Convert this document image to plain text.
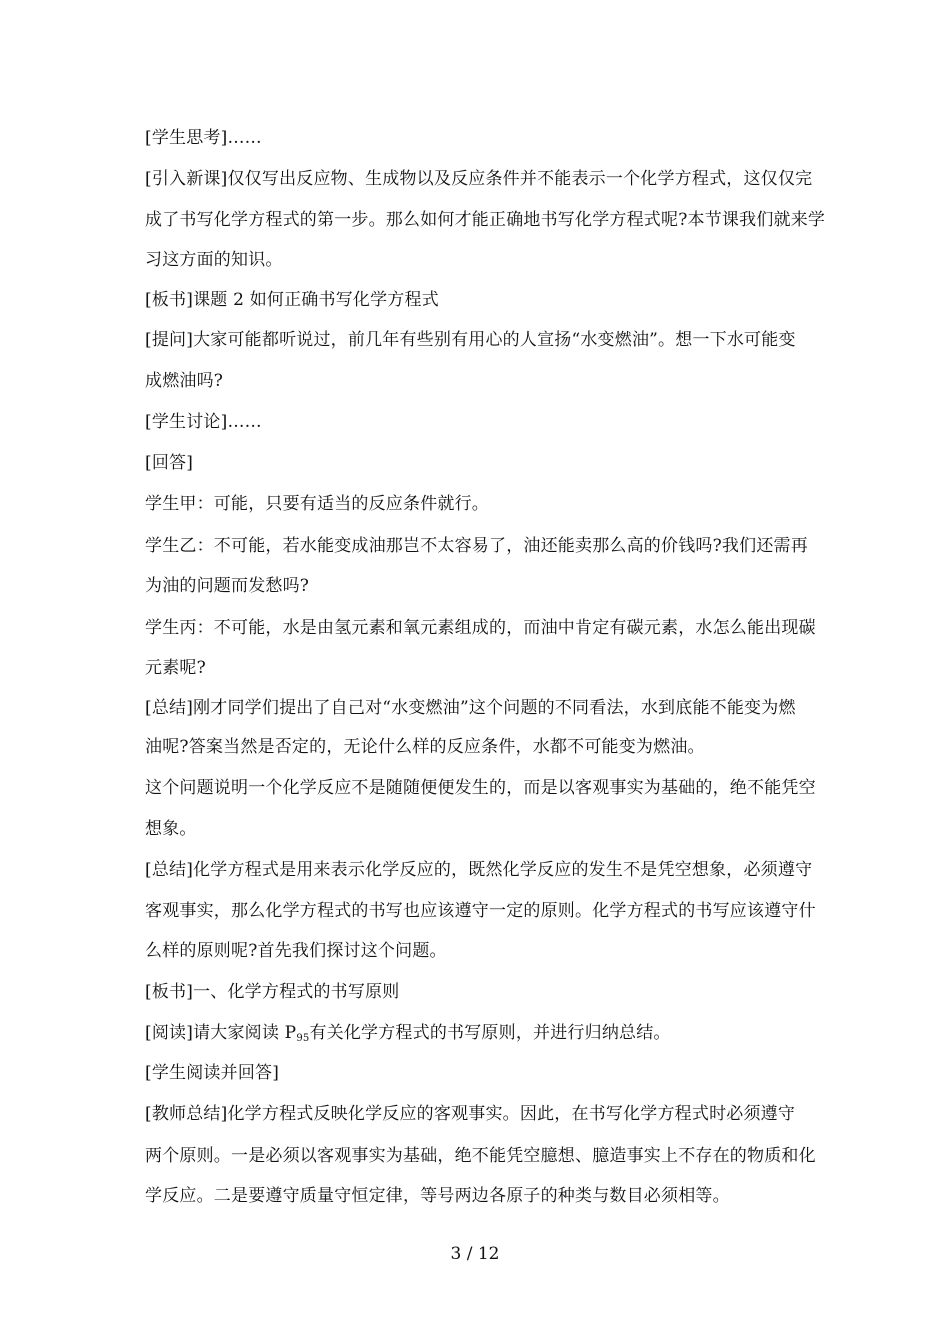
[学生思考]……
[引入新课]仅仅写出反应物、生成物以及反应条件并不能表示一个化学方程式，这仅仅完
成了书写化学方程式的第一步。那么如何才能正确地书写化学方程式呢?本节课我们就来学
习这方面的知识。
[板书]课题 2 如何正确书写化学方程式
[提问]大家可能都听说过，前几年有些别有用心的人宣扬“水变燃油”。想一下水可能变
成燃油吗?
[学生讨论]……
[回答]
学生甲：可能，只要有适当的反应条件就行。
学生乙：不可能，若水能变成油那岂不太容易了，油还能卖那么高的价钱吗?我们还需再
为油的问题而发愁吗?
学生丙：不可能，水是由氢元素和氧元素组成的，而油中肯定有碳元素，水怎么能出现碳
元素呢?
[总结]刚才同学们提出了自己对“水变燃油”这个问题的不同看法，水到底能不能变为燃
油呢?答案当然是否定的，无论什么样的反应条件，水都不可能变为燃油。
这个问题说明一个化学反应不是随随便便发生的，而是以客观事实为基础的，绝不能凭空
想象。
[总结]化学方程式是用来表示化学反应的，既然化学反应的发生不是凭空想象，必须遵守
客观事实，那么化学方程式的书写也应该遵守一定的原则。化学方程式的书写应该遵守什
么样的原则呢?首先我们探讨这个问题。
[板书]一、化学方程式的书写原则
[阅读]请大家阅读 P95有关化学方程式的书写原则，并进行归纳总结。
[学生阅读并回答]
[教师总结]化学方程式反映化学反应的客观事实。因此，在书写化学方程式时必须遵守
两个原则。一是必须以客观事实为基础，绝不能凭空臆想、臆造事实上不存在的物质和化
学反应。二是要遵守质量守恒定律，等号两边各原子的种类与数目必须相等。
3 / 12
